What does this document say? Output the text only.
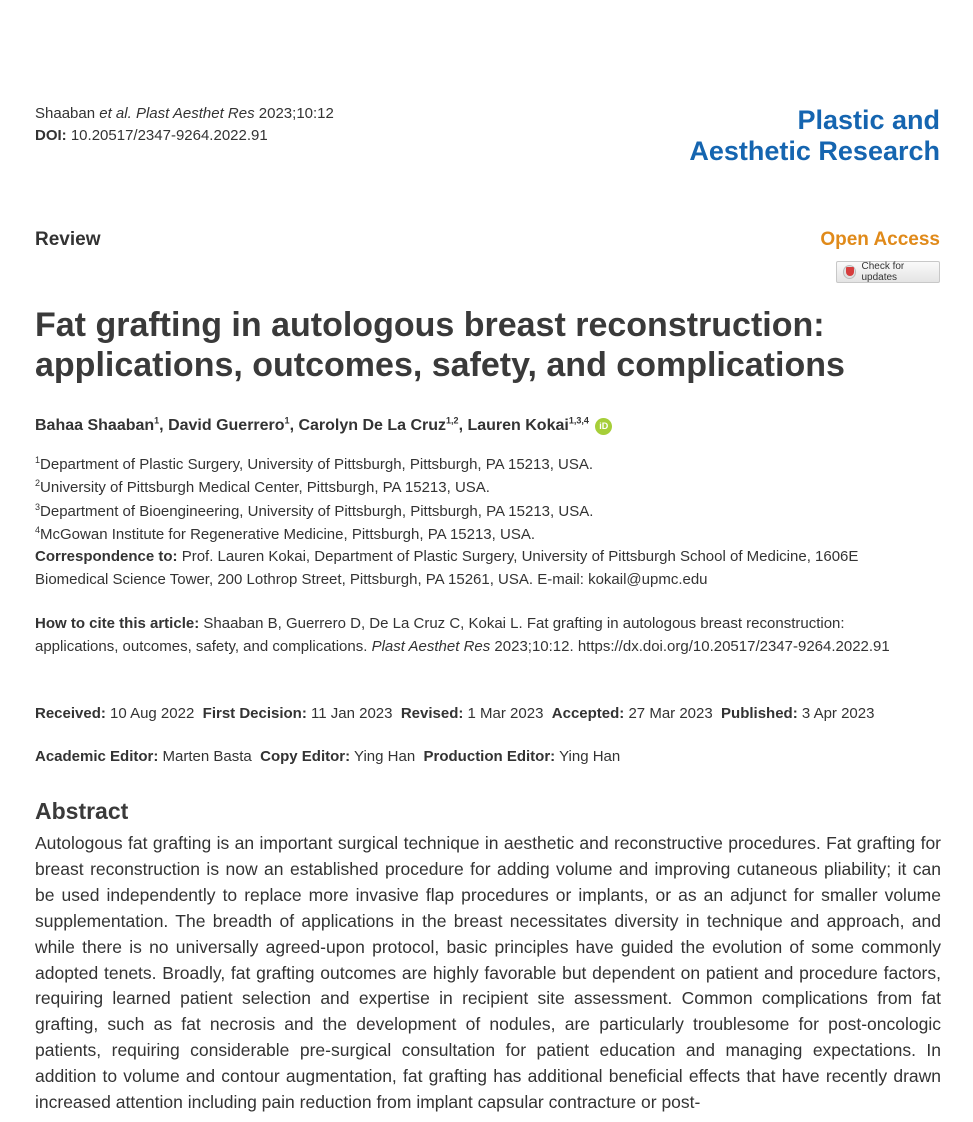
Shaaban et al. Plast Aesthet Res 2023;10:12
DOI: 10.20517/2347-9264.2022.91
Plastic and
Aesthetic Research
Review	Open Access
Check for updates
Fat grafting in autologous breast reconstruction:
applications, outcomes, safety, and complications
Bahaa Shaaban$^1$, David Guerrero$^1$, Carolyn De La Cruz$^{1,2}$, Lauren Kokai$^{1,3,4}$ iD
$^1$Department of Plastic Surgery, University of Pittsburgh, Pittsburgh, PA 15213, USA.
$^2$University of Pittsburgh Medical Center, Pittsburgh, PA 15213, USA.
$^3$Department of Bioengineering, University of Pittsburgh, Pittsburgh, PA 15213, USA.
$^4$McGowan Institute for Regenerative Medicine, Pittsburgh, PA 15213, USA.
Correspondence to: Prof. Lauren Kokai, Department of Plastic Surgery, University of Pittsburgh School of Medicine, 1606E Biomedical Science Tower, 200 Lothrop Street, Pittsburgh, PA 15261, USA. E-mail: kokail@upmc.edu
How to cite this article: Shaaban B, Guerrero D, De La Cruz C, Kokai L. Fat grafting in autologous breast reconstruction: applications, outcomes, safety, and complications. Plast Aesthet Res 2023;10:12. https://dx.doi.org/10.20517/2347-9264.2022.91
Received: 10 Aug 2022 First Decision: 11 Jan 2023 Revised: 1 Mar 2023 Accepted: 27 Mar 2023 Published: 3 Apr 2023
Academic Editor: Marten Basta Copy Editor: Ying Han Production Editor: Ying Han
Abstract
Autologous fat grafting is an important surgical technique in aesthetic and reconstructive procedures. Fat grafting for breast reconstruction is now an established procedure for adding volume and improving cutaneous pliability; it can be used independently to replace more invasive flap procedures or implants, or as an adjunct for smaller volume supplementation. The breadth of applications in the breast necessitates diversity in technique and approach, and while there is no universally agreed-upon protocol, basic principles have guided the evolution of some commonly adopted tenets. Broadly, fat grafting outcomes are highly favorable but dependent on patient and procedure factors, requiring learned patient selection and expertise in recipient site assessment. Common complications from fat grafting, such as fat necrosis and the development of nodules, are particularly troublesome for post-oncologic patients, requiring considerable pre-surgical consultation for patient education and managing expectations. In addition to volume and contour augmentation, fat grafting has additional beneficial effects that have recently drawn increased attention including pain reduction from implant capsular contracture or post-
